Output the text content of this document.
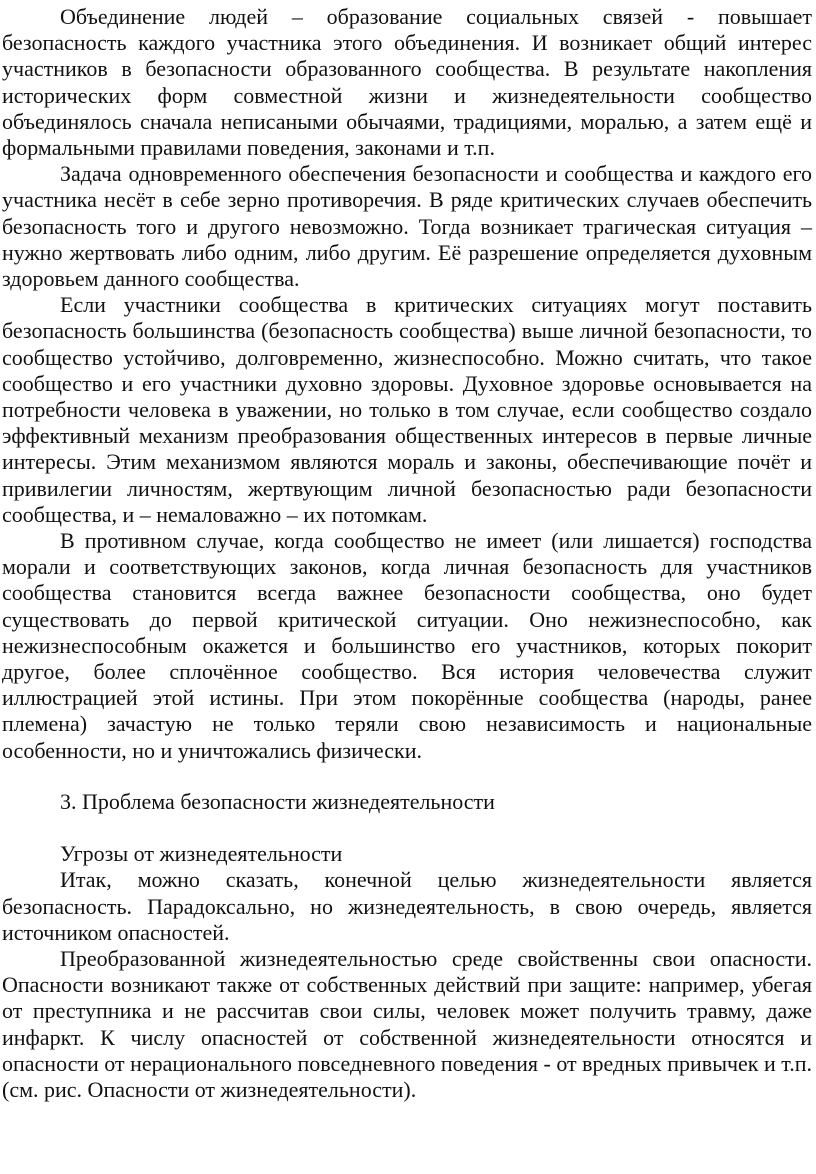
Объединение людей – образование социальных связей - повышает безопасность каждого участника этого объединения. И возникает общий интерес участников в безопасности образованного сообщества. В результате накопления исторических форм совместной жизни и жизнедеятельности сообщество объединялось сначала неписаными обычаями, традициями, моралью, а затем ещё и формальными правилами поведения, законами и т.п.

Задача одновременного обеспечения безопасности и сообщества и каждого его участника несёт в себе зерно противоречия. В ряде критических случаев обеспечить безопасность того и другого невозможно. Тогда возникает трагическая ситуация – нужно жертвовать либо одним, либо другим. Её разрешение определяется духовным здоровьем данного сообщества.

Если участники сообщества в критических ситуациях могут поставить безопасность большинства (безопасность сообщества) выше личной безопасности, то сообщество устойчиво, долговременно, жизнеспособно. Можно считать, что такое сообщество и его участники духовно здоровы. Духовное здоровье основывается на потребности человека в уважении, но только в том случае, если сообщество создало эффективный механизм преобразования общественных интересов в первые личные интересы. Этим механизмом являются мораль и законы, обеспечивающие почёт и привилегии личностям, жертвующим личной безопасностью ради безопасности сообщества, и – немаловажно – их потомкам.

В противном случае, когда сообщество не имеет (или лишается) господства морали и соответствующих законов, когда личная безопасность для участников сообщества становится всегда важнее безопасности сообщества, оно будет существовать до первой критической ситуации. Оно нежизнеспособно, как нежизнеспособным окажется и большинство его участников, которых покорит другое, более сплочённое сообщество. Вся история человечества служит иллюстрацией этой истины. При этом покорённые сообщества (народы, ранее племена) зачастую не только теряли свою независимость и национальные особенности, но и уничтожались физически.

3. Проблема безопасности жизнедеятельности

Угрозы от жизнедеятельности

Итак, можно сказать, конечной целью жизнедеятельности является безопасность. Парадоксально, но жизнедеятельность, в свою очередь, является источником опасностей.

Преобразованной жизнедеятельностью среде свойственны свои опасности. Опасности возникают также от собственных действий при защите: например, убегая от преступника и не рассчитав свои силы, человек может получить травму, даже инфаркт. К числу опасностей от собственной жизнедеятельности относятся и опасности от нерационального повседневного поведения - от вредных привычек и т.п. (см. рис. Опасности от жизнедеятельности).
